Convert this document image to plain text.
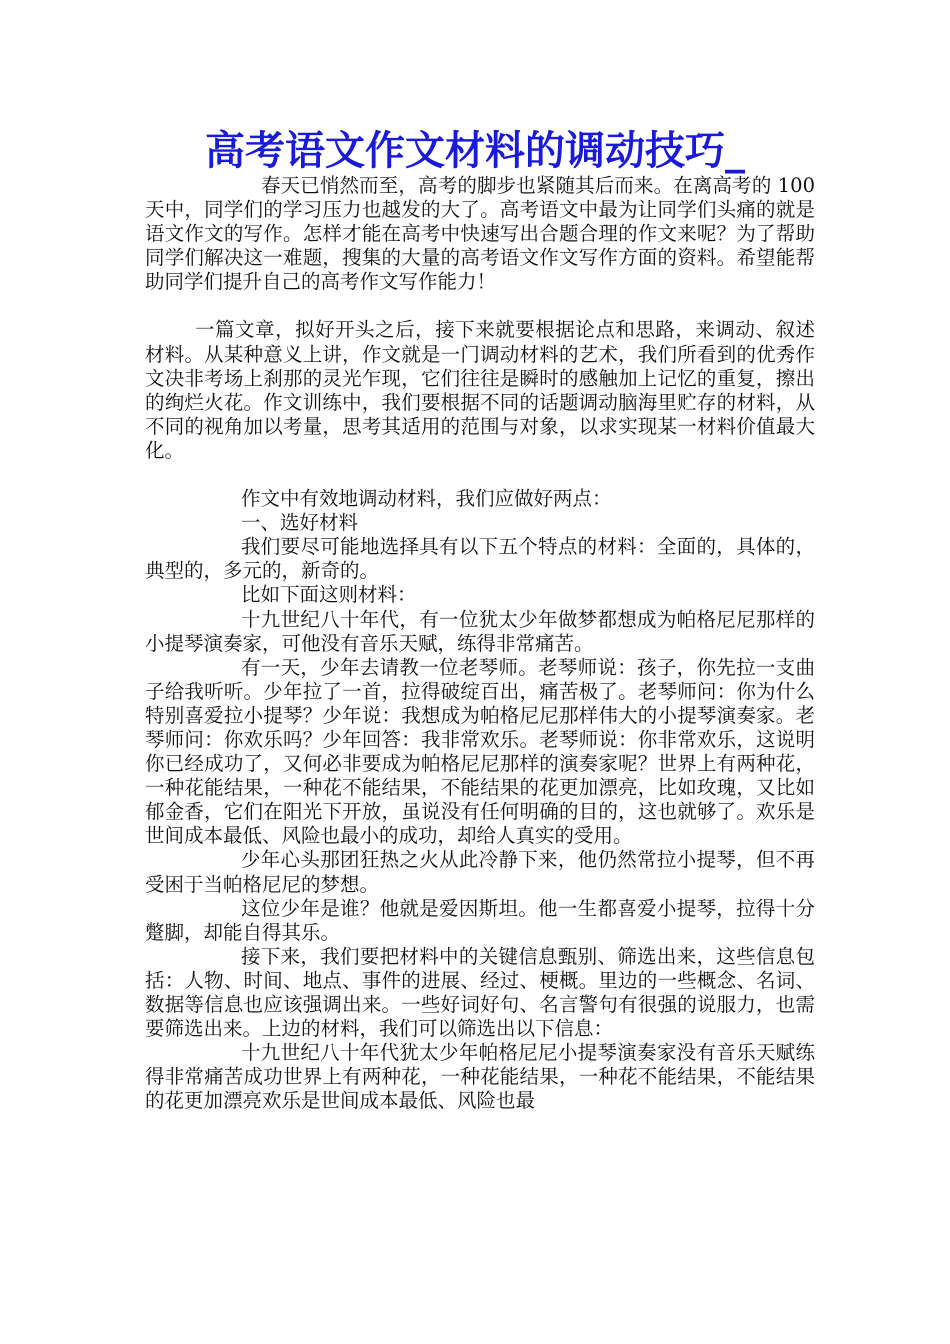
高考语文作文材料的调动技巧_

春天已悄然而至，高考的脚步也紧随其后而来。在离高考的 100 天中，同学们的学习压力也越发的大了。高考语文中最为让同学们头痛的就是语文作文的写作。怎样才能在高考中快速写出合题合理的作文来呢？为了帮助同学们解决这一难题，搜集的大量的高考语文作文写作方面的资料。希望能帮助同学们提升自己的高考作文写作能力！

一篇文章，拟好开头之后，接下来就要根据论点和思路，来调动、叙述材料。从某种意义上讲，作文就是一门调动材料的艺术，我们所看到的优秀作文决非考场上刹那的灵光乍现，它们往往是瞬时的感触加上记忆的重复，擦出的绚烂火花。作文训练中，我们要根据不同的话题调动脑海里贮存的材料，从不同的视角加以考量，思考其适用的范围与对象，以求实现某一材料价值最大化。

作文中有效地调动材料，我们应做好两点：

一、选好材料

我们要尽可能地选择具有以下五个特点的材料：全面的，具体的，典型的，多元的，新奇的。

比如下面这则材料：

十九世纪八十年代，有一位犹太少年做梦都想成为帕格尼尼那样的小提琴演奏家，可他没有音乐天赋，练得非常痛苦。

有一天，少年去请教一位老琴师。老琴师说：孩子，你先拉一支曲子给我听听。少年拉了一首，拉得破绽百出，痛苦极了。老琴师问：你为什么特别喜爱拉小提琴？少年说：我想成为帕格尼尼那样伟大的小提琴演奏家。老琴师问：你欢乐吗？少年回答：我非常欢乐。老琴师说：你非常欢乐，这说明你已经成功了，又何必非要成为帕格尼尼那样的演奏家呢？世界上有两种花，一种花能结果，一种花不能结果，不能结果的花更加漂亮，比如玫瑰，又比如郁金香，它们在阳光下开放，虽说没有任何明确的目的，这也就够了。欢乐是世间成本最低、风险也最小的成功，却给人真实的受用。

少年心头那团狂热之火从此冷静下来，他仍然常拉小提琴，但不再受困于当帕格尼尼的梦想。

这位少年是谁？他就是爱因斯坦。他一生都喜爱小提琴，拉得十分蹩脚，却能自得其乐。

接下来，我们要把材料中的关键信息甄别、筛选出来，这些信息包括：人物、时间、地点、事件的进展、经过、梗概。里边的一些概念、名词、数据等信息也应该强调出来。一些好词好句、名言警句有很强的说服力，也需要筛选出来。上边的材料，我们可以筛选出以下信息：

十九世纪八十年代犹太少年帕格尼尼小提琴演奏家没有音乐天赋练得非常痛苦成功世界上有两种花，一种花能结果，一种花不能结果，不能结果的花更加漂亮欢乐是世间成本最低、风险也最
